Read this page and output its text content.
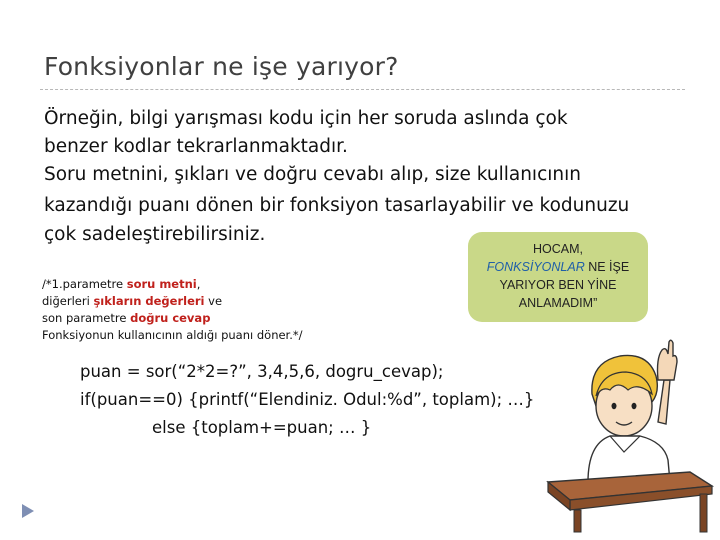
Fonksiyonlar ne işe yarıyor?

Örneğin, bilgi yarışması kodu için her soruda aslında çok

benzer kodlar tekrarlanmaktadır.

Soru metnini, şıkları ve doğru cevabı alıp, size kullanıcının

kazandığı puanı dönen bir fonksiyon tasarlayabilir ve kodunuzu

çok sadeleştirebilirsiniz.

HOCAM,
FONKSİYONLAR NE İŞE
YARIYOR BEN YİNE
ANLAMADIM”
/*1.parametre soru metni,
diğerleri şıkların değerleri ve
son parametre doğru cevap
Fonksiyonun kullanıcının aldığı puanı döner.*/

puan = sor(“2*2=?”, 3,4,5,6, dogru_cevap);

if(puan==0) {printf(“Elendiniz. Odul:%d”, toplam); …}

else {toplam+=puan; … }
